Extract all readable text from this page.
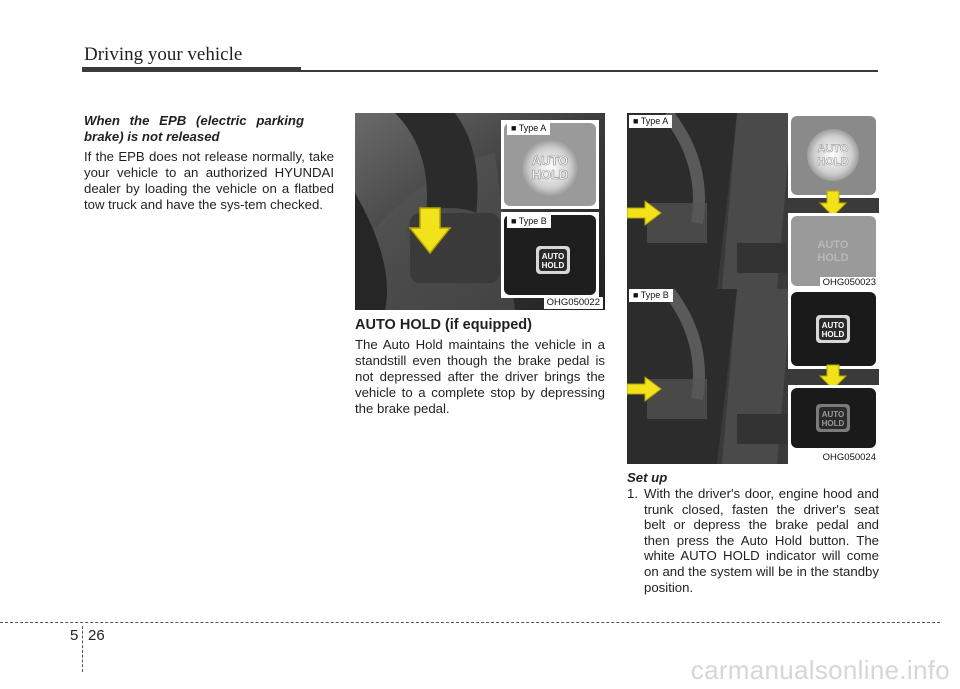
Driving your vehicle
When the EPB (electric parking brake) is not released
If the EPB does not release normally, take your vehicle to an authorized HYUNDAI dealer by loading the vehicle on a flatbed tow truck and have the sys-tem checked.
AUTO
HOLD
AUTO
HOLD
■ Type A
■ Type B
OHG050022
AUTO HOLD (if equipped)
The Auto Hold maintains the vehicle in a standstill even though the brake pedal is not depressed after the driver brings the vehicle to a complete stop by depressing the brake pedal.
AUTO
HOLD
AUTO
HOLD
■ Type A
OHG050023
AUTO
HOLD
AUTO
HOLD
■ Type B
OHG050024
Set up
1. With the driver's door, engine hood and trunk closed, fasten the driver's seat belt or depress the brake pedal and then press the Auto Hold button. The white AUTO HOLD indicator will come on and the system will be in the standby position.
5 26
carmanualsonline.info
